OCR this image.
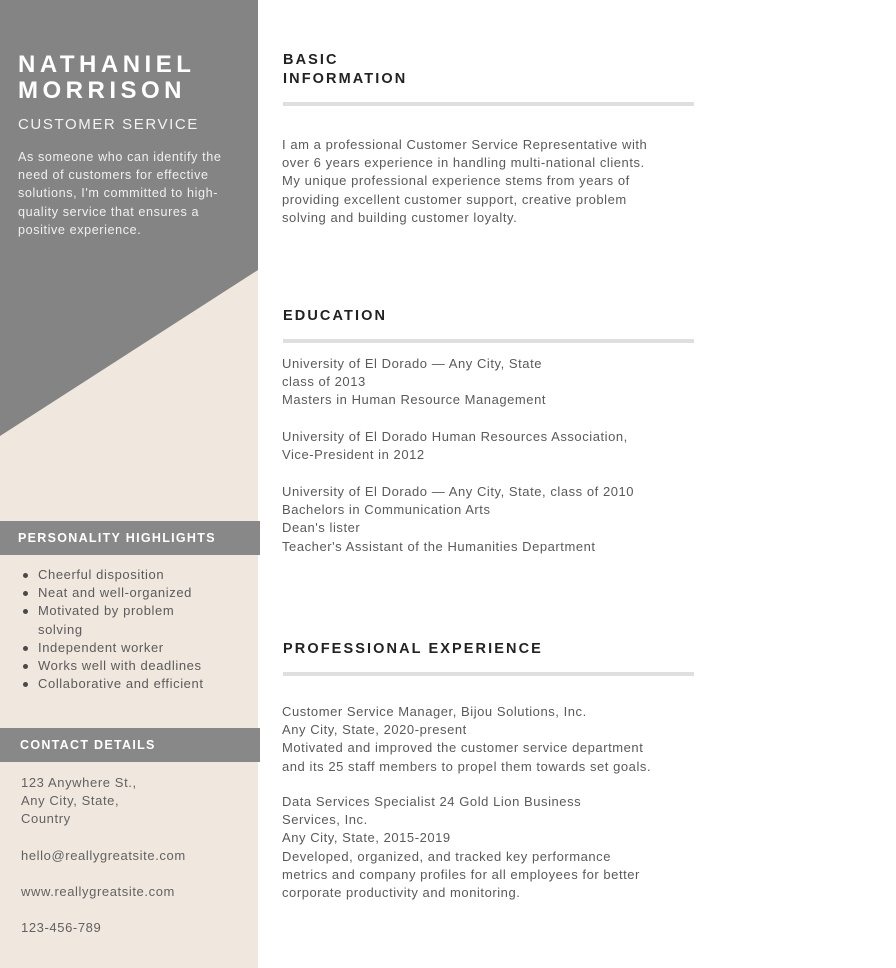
NATHANIEL
MORRISON
CUSTOMER SERVICE
As someone who can identify the need of customers for effective solutions, I'm committed to high-quality service that ensures a positive experience.
PERSONALITY HIGHLIGHTS
Cheerful disposition
Neat and well-organized
Motivated by problem solving
Independent worker
Works well with deadlines
Collaborative and efficient
CONTACT DETAILS
123 Anywhere St.,
Any City, State,
Country
hello@reallygreatsite.com
www.reallygreatsite.com
123-456-789
BASIC
INFORMATION
I am a professional Customer Service Representative with
over 6 years experience in handling multi-national clients.
My unique professional experience stems from years of
providing excellent customer support, creative problem
solving and building customer loyalty.
EDUCATION
University of El Dorado — Any City, State
class of 2013
Masters in Human Resource Management
University of El Dorado Human Resources Association,
Vice-President in 2012
University of El Dorado — Any City, State, class of 2010
Bachelors in Communication Arts
Dean's lister
Teacher's Assistant of the Humanities Department
PROFESSIONAL EXPERIENCE
Customer Service Manager, Bijou Solutions, Inc.
Any City, State, 2020-present
Motivated and improved the customer service department
and its 25 staff members to propel them towards set goals.
Data Services Specialist 24 Gold Lion Business
Services, Inc.
Any City, State, 2015-2019
Developed, organized, and tracked key performance
metrics and company profiles for all employees for better
corporate productivity and monitoring.
